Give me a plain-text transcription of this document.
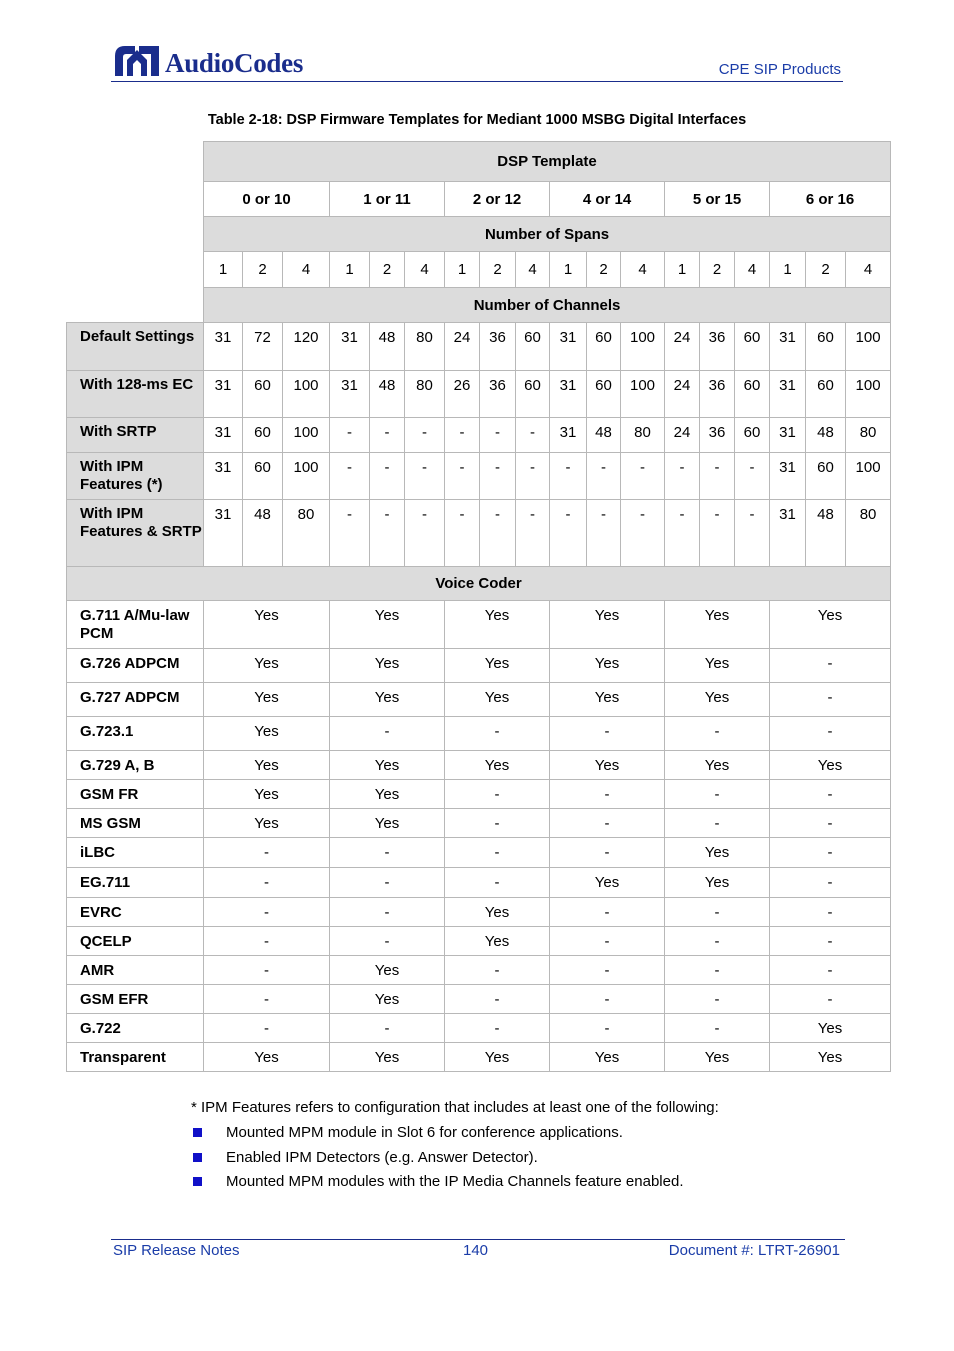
AudioCodes	CPE SIP Products
Table 2-18: DSP Firmware Templates for Mediant 1000 MSBG Digital Interfaces
	DSP Template																	
	0 or 10			1 or 11			2 or 12			4 or 14			5 or 15			6 or 16		
	Number of Spans																	
	1	2	4	1	2	4	1	2	4	1	2	4	1	2	4	1	2	4
	Number of Channels																	
Default Settings	31	72	120	31	48	80	24	36	60	31	60	100	24	36	60	31	60	100
With 128-ms EC	31	60	100	31	48	80	26	36	60	31	60	100	24	36	60	31	60	100
With SRTP	31	60	100	-	-	-	-	-	-	31	48	80	24	36	60	31	48	80
With IPM Features (*)	31	60	100	-	-	-	-	-	-	-	-	-	-	-	-	31	60	100
With IPM Features & SRTP	31	48	80	-	-	-	-	-	-	-	-	-	-	-	-	31	48	80
Voice Coder																		
G.711 A/Mu-law PCM	Yes			Yes			Yes			Yes			Yes			Yes		
G.726 ADPCM	Yes			Yes			Yes			Yes			Yes			-		
G.727 ADPCM	Yes			Yes			Yes			Yes			Yes			-		
G.723.1	Yes			-			-			-			-			-		
G.729 A, B	Yes			Yes			Yes			Yes			Yes			Yes		
GSM FR	Yes			Yes			-			-			-			-		
MS GSM	Yes			Yes			-			-			-			-		
iLBC	-			-			-			-			Yes			-		
EG.711	-			-			-			Yes			Yes			-		
EVRC	-			-			Yes			-			-			-		
QCELP	-			-			Yes			-			-			-		
AMR	-			Yes			-			-			-			-		
GSM EFR	-			Yes			-			-			-			-		
G.722	-			-			-			-			-			Yes		
Transparent	Yes			Yes			Yes			Yes			Yes			Yes		
* IPM Features refers to configuration that includes at least one of the following:
Mounted MPM module in Slot 6 for conference applications.
Enabled IPM Detectors (e.g. Answer Detector).
Mounted MPM modules with the IP Media Channels feature enabled.
SIP Release Notes	140	Document #: LTRT-26901
